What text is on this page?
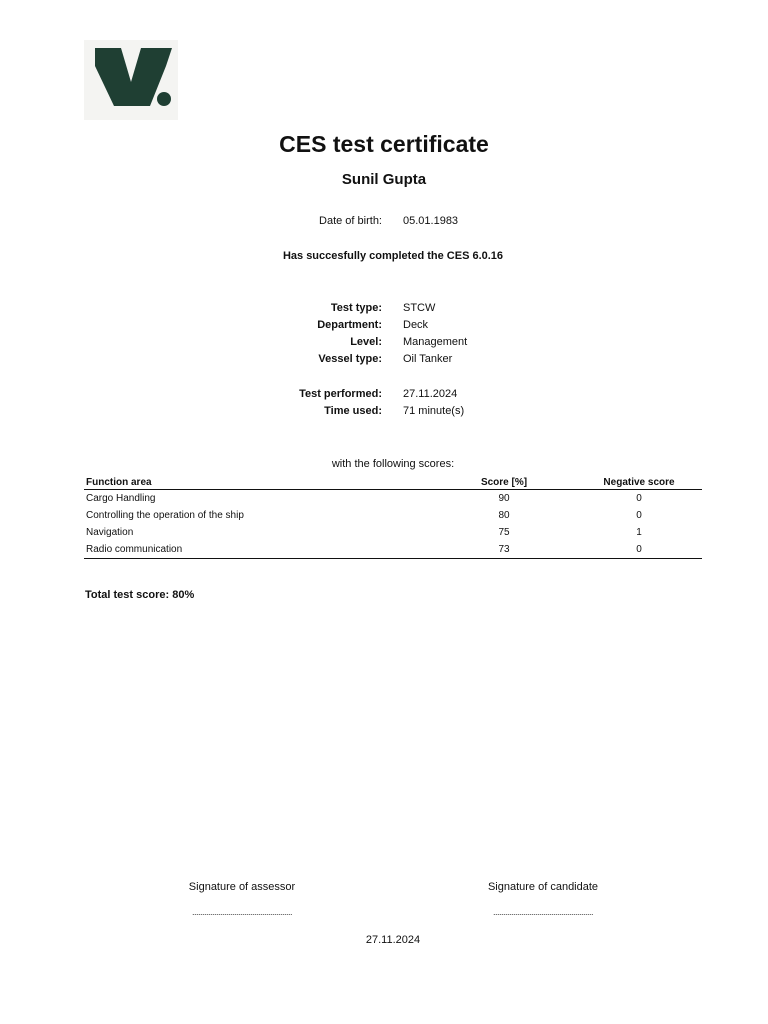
CES test certificate
Sunil Gupta
Date of birth: 05.01.1983
Has succesfully completed the CES 6.0.16
Test type: STCW
Department: Deck
Level: Management
Vessel type: Oil Tanker
Test performed: 27.11.2024
Time used: 71 minute(s)
with the following scores:
Function area	Score [%]	Negative score
Cargo Handling	90	0
Controlling the operation of the ship	80	0
Navigation	75	1
Radio communication	73	0
Total test score: 80%
Signature of assessor	Signature of candidate
..................................................	..................................................
27.11.2024
